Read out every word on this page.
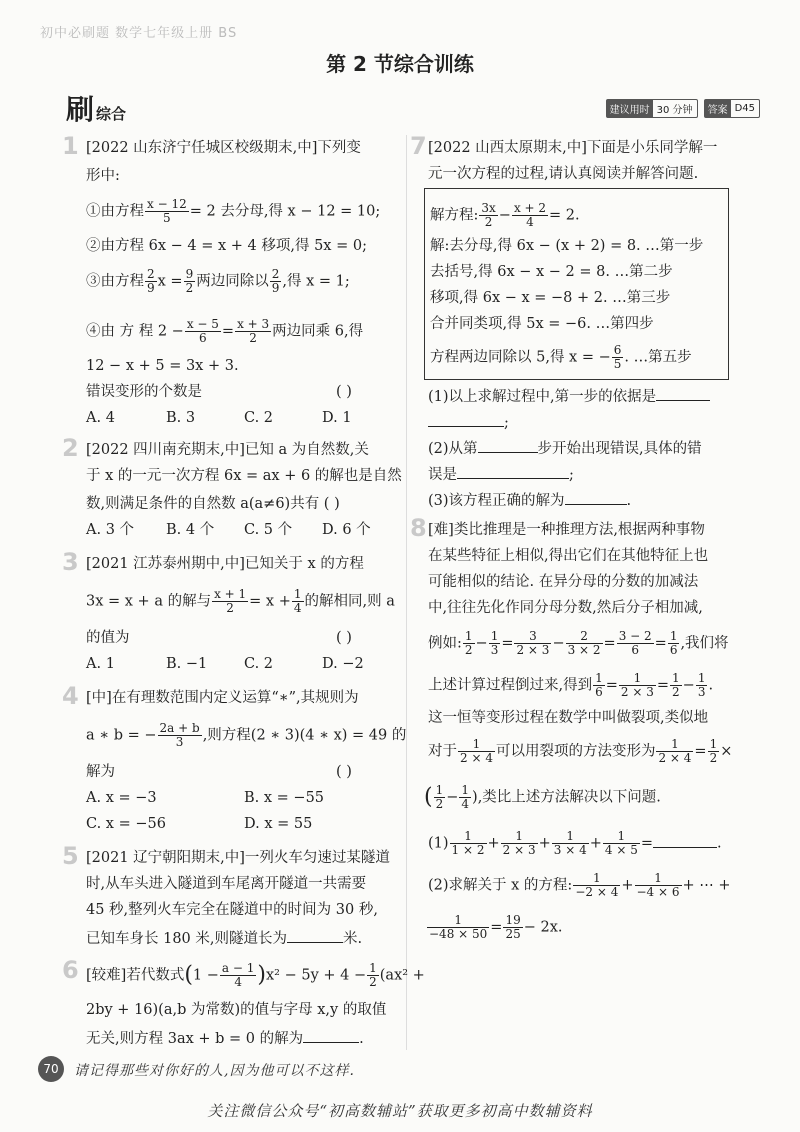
初中必刷题 数学七年级上册 BS
第 2 节综合训练
刷综合	建议用时 30 分钟	答案 D45
1 [2022 山东济宁任城区校级期末,中]下列变
形中:
①由方程 $\frac{x - 12}{5} = 2$ 去分母,得 x − 12 = 10;
②由方程 6x − 4 = x + 4 移项,得 5x = 0;
③由方程 $\frac{2}{9}$ $x = \frac{9}{2}$ 两边同除以 $\frac{2}{9}$ ,得 x = 1;
④由 方 程 $2 - \frac{x - 5}{6} = \frac{x + 3}{2}$ 两边同乘 6,得
12 − x + 5 = 3x + 3.
错误变形的个数是	( )
A. 4	B. 3	C. 2	D. 1
2 [2022 四川南充期末,中]已知 a 为自然数,关
于 x 的一元一次方程 6x = ax + 6 的解也是自然
数,则满足条件的自然数 a(a≠6)共有 ( )
A. 3 个 B. 4 个 C. 5 个 D. 6 个
3 [2021 江苏泰州期中,中]已知关于 x 的方程
3x = x + a 的解与 $\frac{x + 1}{2} = x + \frac{1}{4}$ 的解相同,则 a
的值为	( )
A. 1	B. −1	C. 2	D. −2
4 [中]在有理数范围内定义运算“∗”,其规则为
a ∗ b = − $\frac{2a + b}{3}$ ,则方程(2 ∗ 3)(4 ∗ x) = 49 的
解为	( )
A. x = −3	B. x = −55
C. x = −56	D. x = 55
5 [2021 辽宁朝阳期末,中]一列火车匀速过某隧道
时,从车头进入隧道到车尾离开隧道一共需要
45 秒,整列火车完全在隧道中的时间为 30 秒,
已知车身长 180 米,则隧道长为	米.
6 [较难]若代数式$(1 - \frac{a - 1}{4} )x^2 - 5y + 4 - \frac{1}{2} (ax^2$ +
2by + 16)(a,b 为常数)的值与字母 x,y 的取值
无关,则方程 3ax + b = 0 的解为	.
7 [2022 山西太原期末,中]下面是小乐同学解一
元一次方程的过程,请认真阅读并解答问题.
解方程: $\frac{3x}{2} - \frac{x + 2}{4} = 2$.
解:去分母,得 6x − (x + 2) = 8. …第一步
去括号,得 6x − x − 2 = 8. …第二步
移项,得 6x − x = −8 + 2. …第三步
合并同类项,得 5x = −6. …第四步
方程两边同除以 5,得 x = − $\frac{6}{5}$ . …第五步
(1)以上求解过程中,第一步的依据是
;
(2)从第	步开始出现错误,具体的错
误是	;
(3)该方程正确的解为	.
8 [难]类比推理是一种推理方法,根据两种事物
在某些特征上相似,得出它们在其他特征上也
可能相似的结论. 在异分母的分数的加减法
中,往往先化作同分母分数,然后分子相加减,
例如: $\frac{1}{2} - \frac{1}{3} = \frac{3}{2 \times 3} - \frac{2}{3 \times 2} = \frac{3 - 2}{6} = \frac{1}{6}$ ,我们将
上述计算过程倒过来,得到 $\frac{1}{6} = \frac{1}{2 \times 3} = \frac{1}{2} - \frac{1}{3}$ .
这一恒等变形过程在数学中叫做裂项,类似地
对于 $\frac{1}{2 \times 4}$ 可以用裂项的方法变形为 $\frac{1}{2 \times 4} = \frac{1}{2}$ ×
( $\frac{1}{2} - \frac{1}{4}$ ),类比上述方法解决以下问题.
$(1) \frac{1}{1 \times 2} + \frac{1}{2 \times 3} + \frac{1}{3 \times 4} + \frac{1}{4 \times 5}$ =	.
(2)求解关于 x 的方程: $\frac{1}{-2 \times 4} + \frac{1}{-4 \times 6}$ + ⋯ +
$\frac{1}{-48 \times 50} = \frac{19}{25} - 2x$.
70	请记得那些对你好的人,因为他可以不这样.
关注微信公众号“初高数辅站”获取更多初高中数辅资料
